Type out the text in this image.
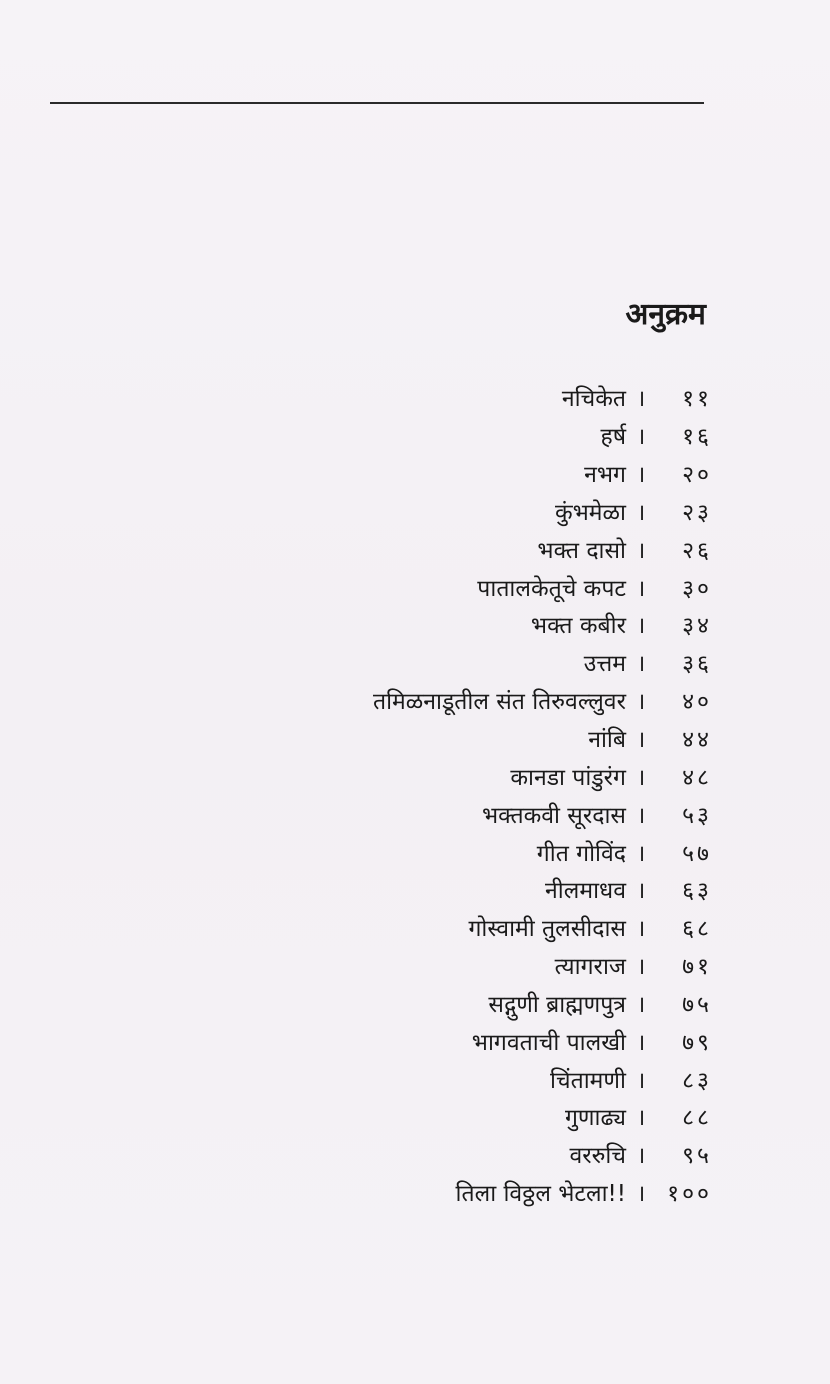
अनुक्रम
नचिकेत ।	११
हर्ष ।	१६
नभग ।	२०
कुंभमेळा ।	२३
भक्त दासो ।	२६
पातालकेतूचे कपट ।	३०
भक्त कबीर ।	३४
उत्तम ।	३६
तमिळनाडूतील संत तिरुवल्लुवर ।	४०
नांबि ।	४४
कानडा पांडुरंग ।	४८
भक्तकवी सूरदास ।	५३
गीत गोविंद ।	५७
नीलमाधव ।	६३
गोस्वामी तुलसीदास ।	६८
त्यागराज ।	७१
सद्गुणी ब्राह्मणपुत्र ।	७५
भागवताची पालखी ।	७९
चिंतामणी ।	८३
गुणाढ्य ।	८८
वररुचि ।	९५
तिला विठ्ठल भेटला!! । १००
